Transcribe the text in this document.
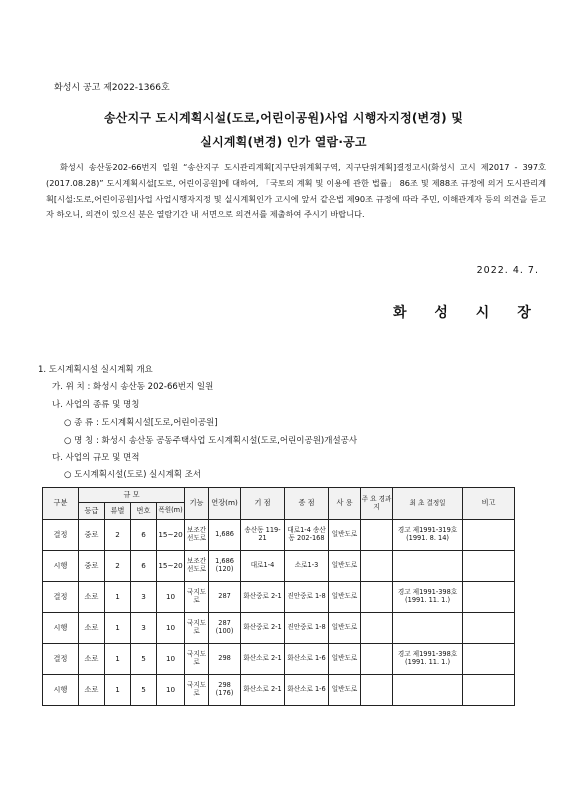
화성시 공고 제2022-1366호
송산지구 도시계획시설(도로,어린이공원)사업 시행자지정(변경) 및
실시계획(변경) 인가 열람·공고
화성시 송산동202-66번지 일원 “송산지구 도시관리계획[지구단위계획구역, 지구단위계획]결정고시(화성시 고시 제2017 - 397호(2017.08.28)” 도시계획시설[도로, 어린이공원]에 대하여, 「국토의 계획 및 이용에 관한 법률」 86조 및 제88조 규정에 의거 도시관리계획[시설:도로,어린이공원]사업 사업시행자지정 및 실시계획인가 고시에 앞서 같은법 제90조 규정에 따라 주민, 이해관계자 등의 의견을 듣고자 하오니, 의견이 있으신 분은 열람기간 내 서면으로 의견서를 제출하여 주시기 바랍니다.
2022. 4. 7.
화 성 시 장
1. 도시계획시설 실시계획 개요
가. 위 치 : 화성시 송산동 202-66번지 일원
나. 사업의 종류 및 명칭
○ 종 류 : 도시계획시설[도로,어린이공원]
○ 명 칭 : 화성시 송산동 공동주택사업 도시계획시설(도로,어린이공원)개설공사
다. 사업의 규모 및 면적
○ 도시계획시설(도로) 실시계획 조서
구분	규 모				기능	연장(m)	기 점	종 점	사 용	주 요 경과지	최 초 결정일	비고
	등급	류별	번호	폭원(m)								
결정	중로	2	6	15~20	보조간선도로	1,686	송산동 119-21	대로1-4 송산동 202-168	일반도로		경고 제1991-319호 (1991. 8. 14)	
시행	중로	2	6	15~20	보조간선도로	1,686 (120)	대로1-4	소로1-3	일반도로			
결정	소로	1	3	10	국지도로	287	화산중로 2-1	진안중로 1-8	일반도로		경고 제1991-398호 (1991. 11. 1.)	
시행	소로	1	3	10	국지도로	287 (100)	화산중로 2-1	진안중로 1-8	일반도로			
결정	소로	1	5	10	국지도로	298	화산소로 2-1	화산소로 1-6	일반도로		경고 제1991-398호 (1991. 11. 1.)	
시행	소로	1	5	10	국지도로	298 (176)	화산소로 2-1	화산소로 1-6	일반도로			
